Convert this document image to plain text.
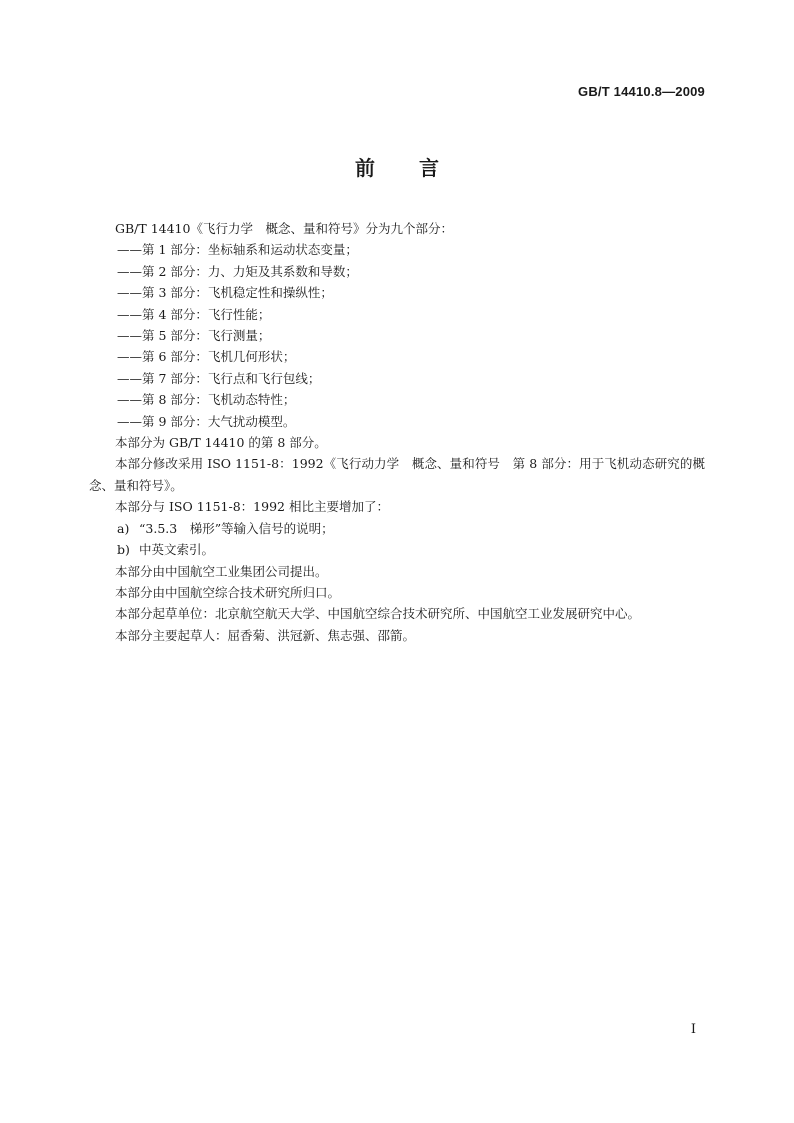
GB/T 14410.8—2009
前 言

GB/T 14410《飞行力学　概念、量和符号》分为九个部分：

——第 1 部分：坐标轴系和运动状态变量；

——第 2 部分：力、力矩及其系数和导数；

——第 3 部分：飞机稳定性和操纵性；

——第 4 部分：飞行性能；

——第 5 部分：飞行测量；

——第 6 部分：飞机几何形状；

——第 7 部分：飞行点和飞行包线；

——第 8 部分：飞机动态特性；

——第 9 部分：大气扰动模型。

本部分为 GB/T 14410 的第 8 部分。

本部分修改采用 ISO 1151-8：1992《飞行动力学　概念、量和符号　第 8 部分：用于飞机动态研究的概念、量和符号》。

本部分与 ISO 1151-8：1992 相比主要增加了：

a) “3.5.3　梯形”等输入信号的说明；

b) 中英文索引。

本部分由中国航空工业集团公司提出。

本部分由中国航空综合技术研究所归口。

本部分起草单位：北京航空航天大学、中国航空综合技术研究所、中国航空工业发展研究中心。

本部分主要起草人：屈香菊、洪冠新、焦志强、邵箭。

I
